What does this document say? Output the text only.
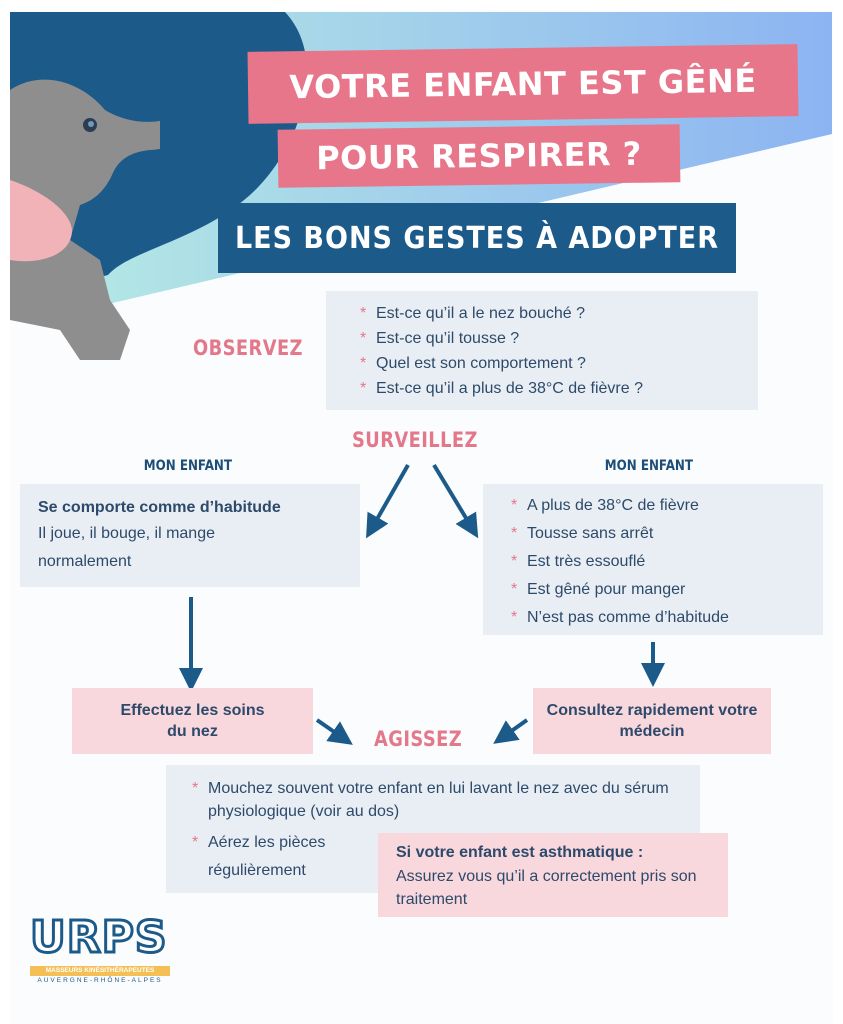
VOTRE ENFANT EST GÊNÉ
POUR RESPIRER ?
LES BONS GESTES À ADOPTER
OBSERVEZ
* Est-ce qu’il a le nez bouché ?
* Est-ce qu’il tousse ?
* Quel est son comportement ?
* Est-ce qu’il a plus de 38°C de fièvre ?
SURVEILLEZ
MON ENFANT	MON ENFANT
Se comporte comme d’habitude
Il joue, il bouge, il mange normalement
* A plus de 38°C de fièvre
* Tousse sans arrêt
* Est très essouflé
* Est gêné pour manger
* N’est pas comme d’habitude
Effectuez les soins du nez
Consultez rapidement votre médecin
AGISSEZ
* Mouchez souvent votre enfant en lui lavant le nez avec du sérum physiologique (voir au dos)
* Aérez les pièces régulièrement
Si votre enfant est asthmatique :
Assurez vous qu’il a correctement pris son traitement
URPS
MASSEURS KINÉSITHÉRAPEUTES
AUVERGNE-RHÔNE-ALPES
